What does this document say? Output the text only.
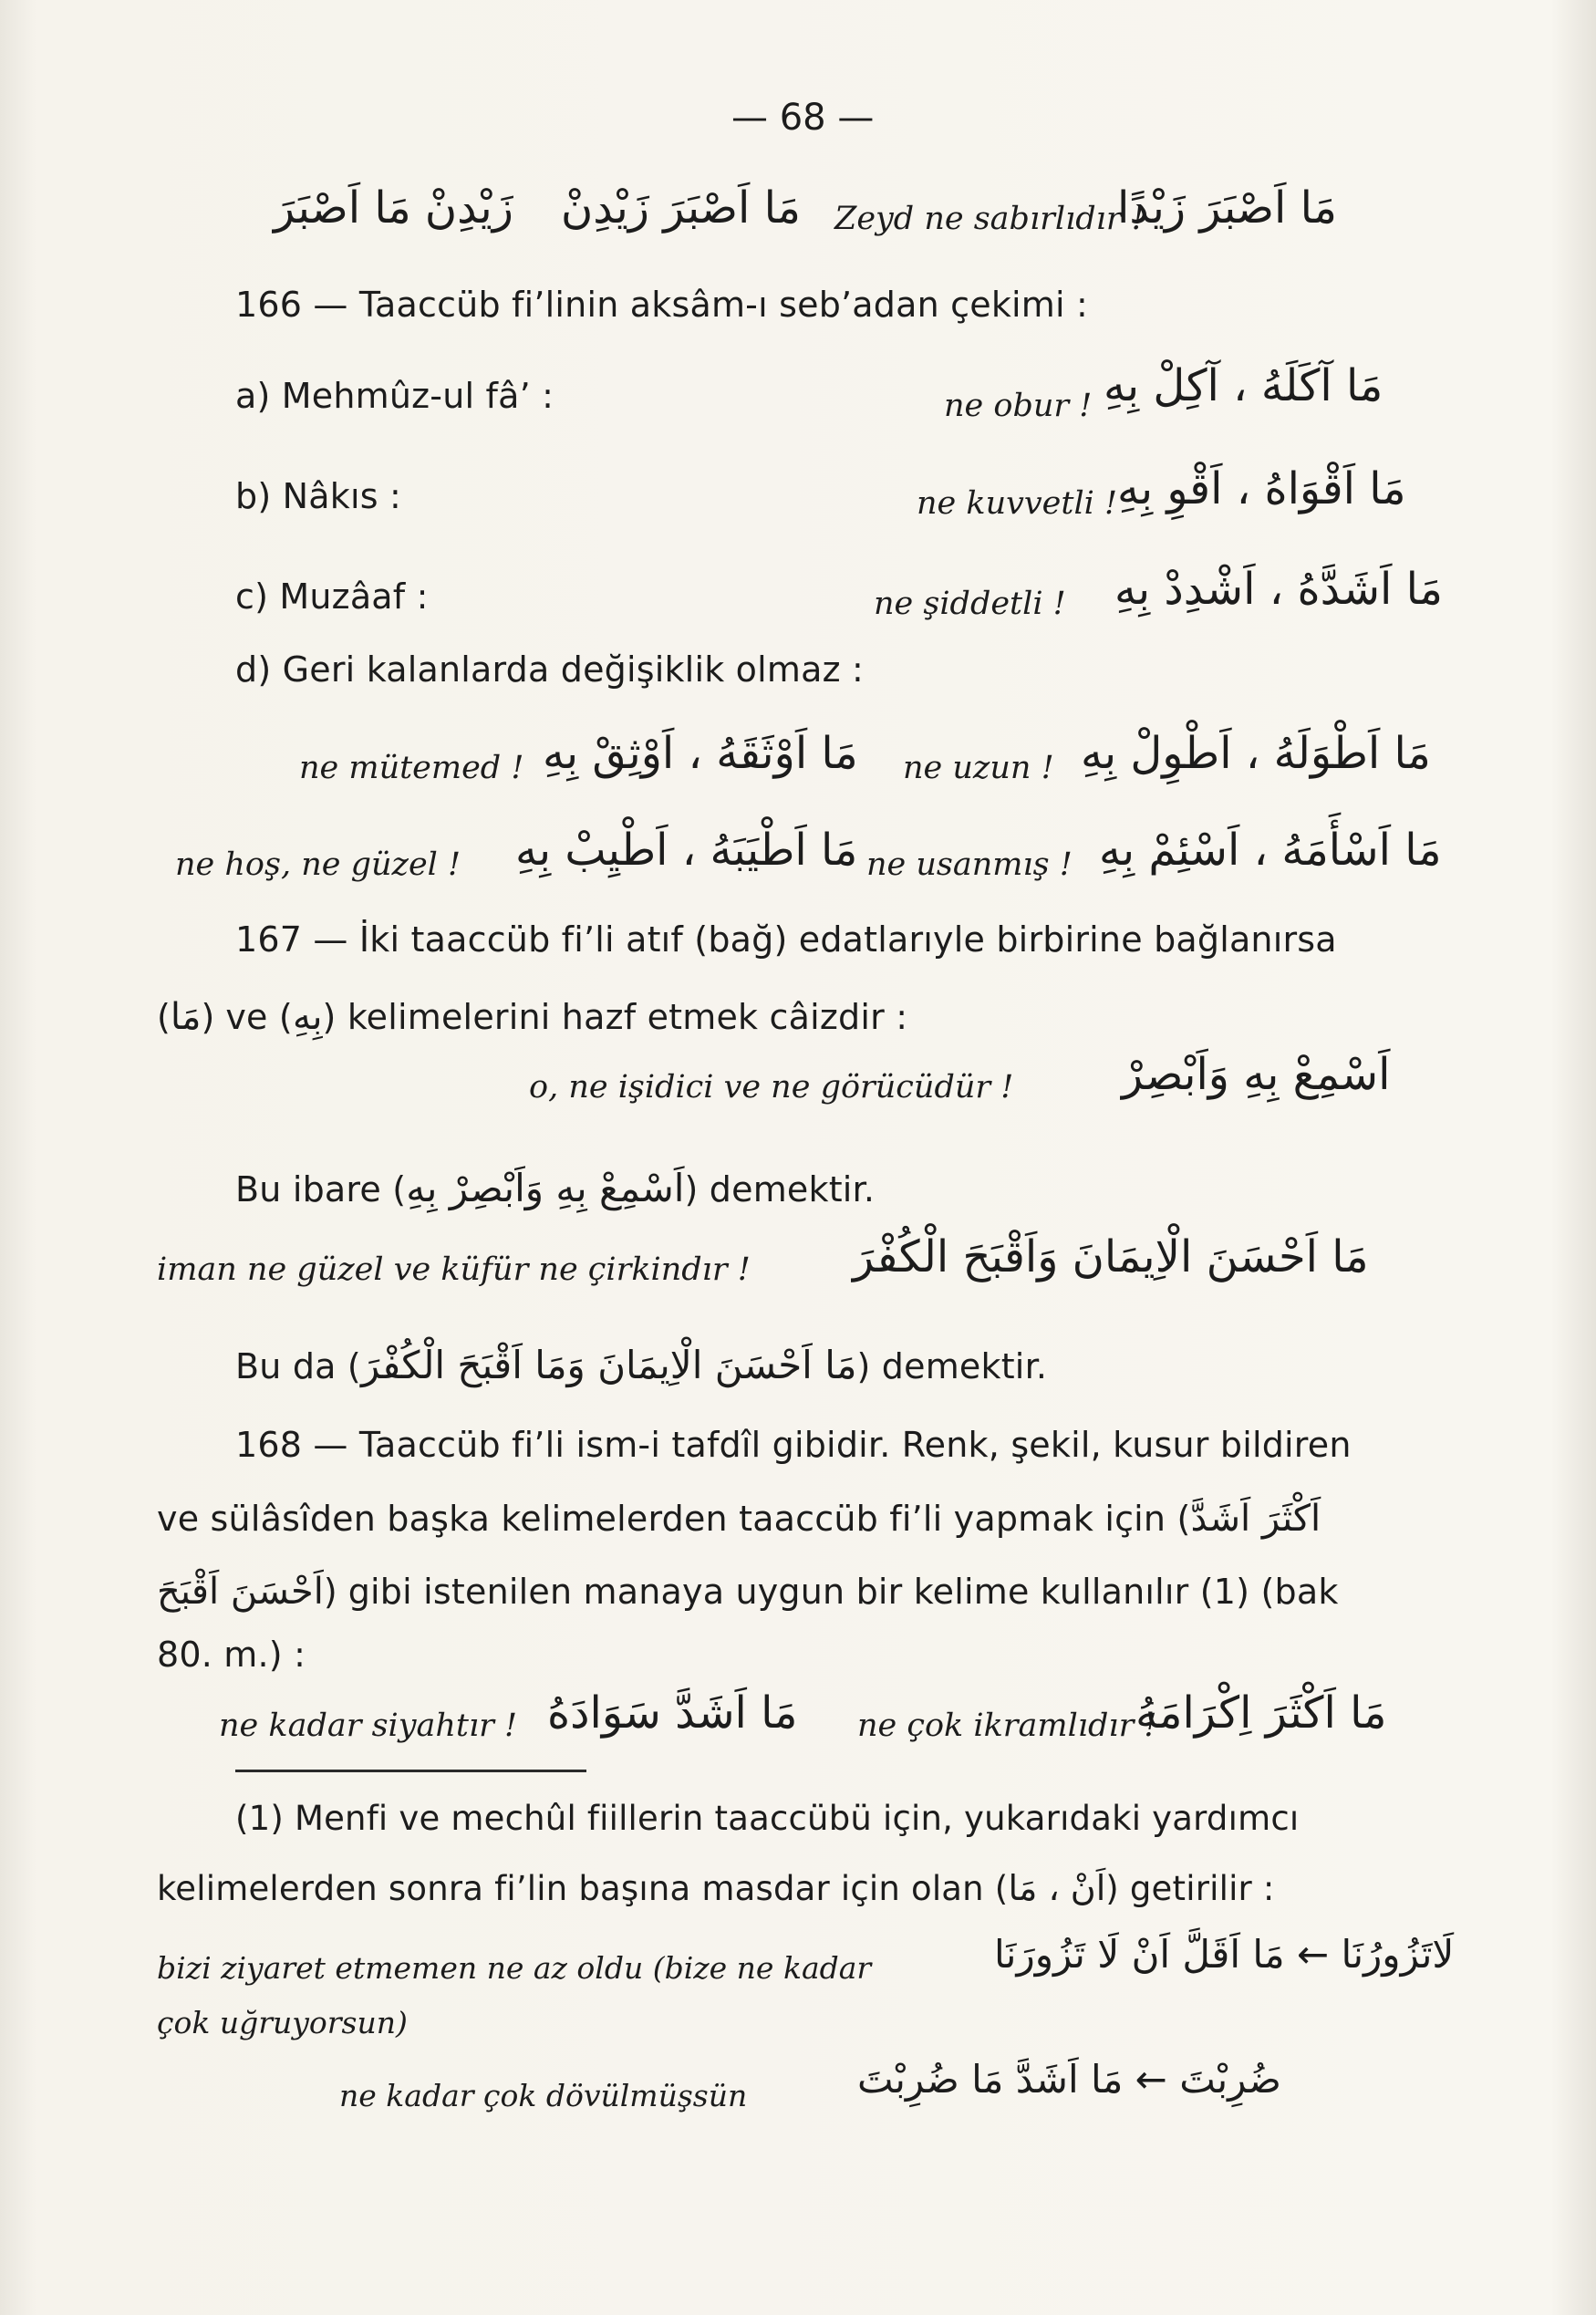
— 68 —
زَيْدِنْ مَا اَصْبَرَ مَا اَصْبَرَ زَيْدِنْ Zeyd ne sabırlıdır !
مَا اَصْبَرَ زَيْدًا
166 — Taaccüb fi’linin aksâm-ı seb’adan çekimi :
a) Mehmûz-ul fâ’ :	ne obur ! مَا آكَلَهُ ، آكِلْ بِهِ
b) Nâkıs :	ne kuvvetli ! مَا اَقْوَاهُ ، اَقْوِ بِهِ
c) Muzâaf :	ne şiddetli ! مَا اَشَدَّهُ ، اَشْدِدْ بِهِ
d) Geri kalanlarda değişiklik olmaz :
ne mütemed ! مَا اَوْثَقَهُ ، اَوْثِقْ بِهِ ne uzun ! مَا اَطْوَلَهُ ، اَطْوِلْ بِهِ
ne hoş, ne güzel ! مَا اَطْيَبَهُ ، اَطْيِبْ بِهِ ne usanmış ! مَا اَسْأَمَهُ ، اَسْئِمْ بِهِ
167 — İki taaccüb fi’li atıf (bağ) edatlarıyle birbirine bağlanırsa
(مَا) ve (بِهِ) kelimelerini hazf etmek câizdir :
o, ne işidici ve ne görücüdür ! اَسْمِعْ بِهِ وَاَبْصِرْ
Bu ibare (اَسْمِعْ بِهِ وَاَبْصِرْ بِهِ) demektir.
iman ne güzel ve küfür ne çirkindır ! مَا اَحْسَنَ الْاِيمَانَ وَاَقْبَحَ الْكُفْرَ
Bu da (مَا اَحْسَنَ الْاِيمَانَ وَمَا اَقْبَحَ الْكُفْرَ) demektir.
168 — Taaccüb fi’li ism-i tafdîl gibidir. Renk, şekil, kusur bildiren
ve sülâsîden başka kelimelerden taaccüb fi’li yapmak için (اَكْثَرَ اَشَدَّ
اَحْسَنَ اَقْبَحَ) gibi istenilen manaya uygun bir kelime kullanılır (1) (bak
80. m.) :
ne kadar siyahtır ! مَا اَشَدَّ سَوَادَهُ ne çok ikramlıdır !
مَا اَكْثَرَ اِكْرَامَهُ
(1) Menfi ve mechûl fiillerin taaccübü için, yukarıdaki yardımcı
kelimelerden sonra fi’lin başına masdar için olan (اَنْ ، مَا) getirilir :
bizi ziyaret etmemen ne az oldu (bize ne kadar	لَاتَزُورُنَا ← مَا اَقَلَّ اَنْ لَا تَزُورَنَا
çok uğruyorsun)
ne kadar çok dövülmüşsün	ضُرِبْتَ ← مَا اَشَدَّ مَا ضُرِبْتَ
